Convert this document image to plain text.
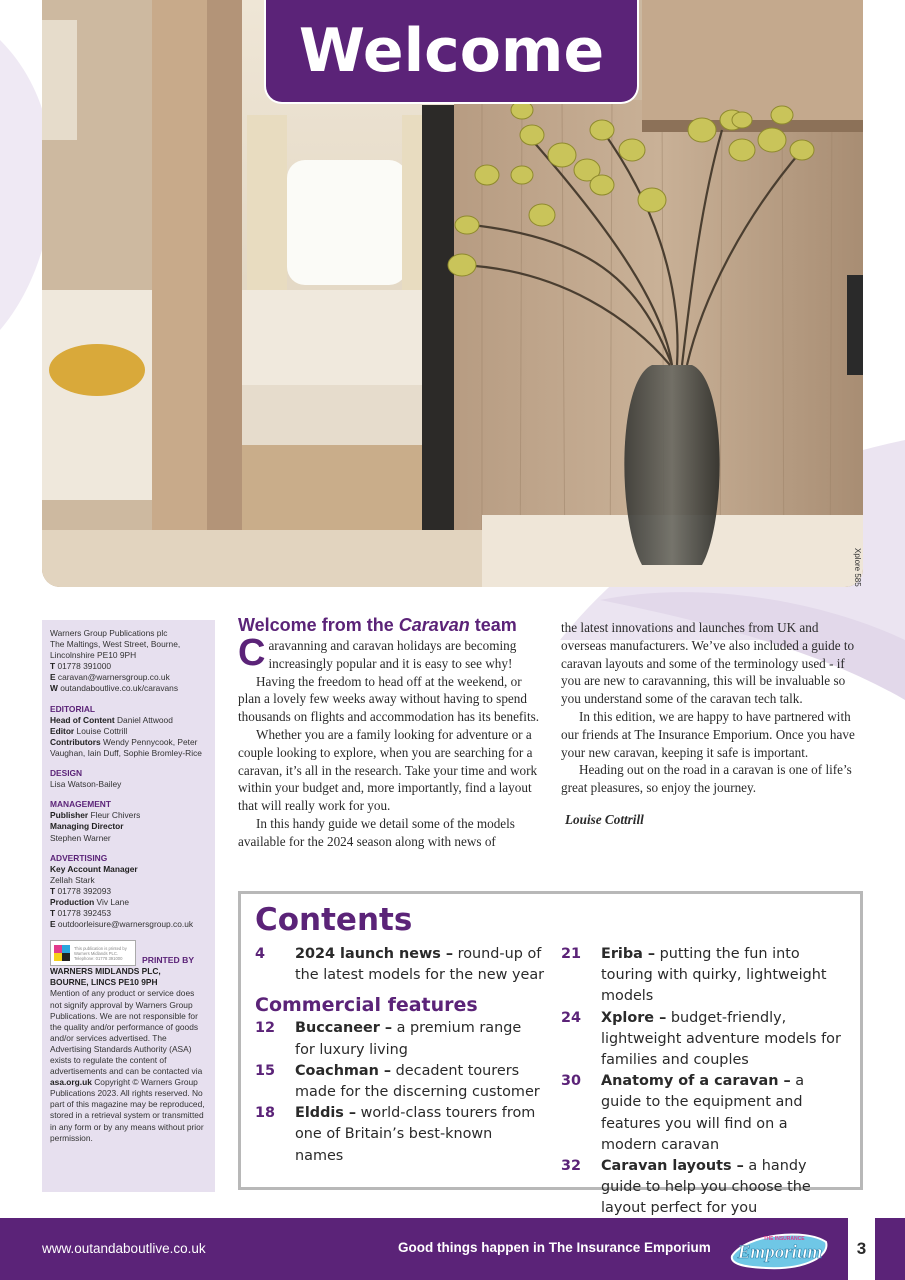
Xplore 585
Welcome

Warners Group Publications plc

The Maltings, West Street, Bourne,

Lincolnshire PE10 9PH

T 01778 391000

E caravan@warnersgroup.co.uk

W outandaboutlive.co.uk/caravans

EDITORIAL

Head of Content Daniel Attwood

Editor Louise Cottrill

Contributors Wendy Pennycook, Peter Vaughan, Iain Duff, Sophie Bromley-Rice

DESIGN

Lisa Watson-Bailey

MANAGEMENT

Publisher Fleur Chivers

Managing Director

Stephen Warner

ADVERTISING

Key Account Manager

Zellah Stark

T 01778 392093

Production Viv Lane

T 01778 392453

E outdoorleisure@warnersgroup.co.uk

This publication is printed by Warners Midlands PLC. Telephone: 01778 391000	PRINTED BY

WARNERS MIDLANDS PLC,

BOURNE, LINCS PE10 9PH

Mention of any product or service does not signify approval by Warners Group Publications. We are not responsible for the quality and/or performance of goods and/or services advertised. The Advertising Standards Authority (ASA) exists to regulate the content of advertisements and can be contacted via asa.org.uk Copyright © Warners Group Publications 2023. All rights reserved. No part of this magazine may be reproduced, stored in a retrieval system or transmitted in any form or by any means without prior permission.

Welcome from the Caravan team

Caravanning and caravan holidays are becoming increasingly popular and it is easy to see why!

Having the freedom to head off at the weekend, or plan a lovely few weeks away without having to spend thousands on flights and accommodation has its benefits.

Whether you are a family looking for adventure or a couple looking to explore, when you are searching for a caravan, it’s all in the research. Take your time and work within your budget and, more importantly, find a layout that will really work for you.

In this handy guide we detail some of the models available for the 2024 season along with news of

the latest innovations and launches from UK and overseas manufacturers. We’ve also included a guide to caravan layouts and some of the terminology used - if you are new to caravanning, this will be invaluable so you understand some of the caravan tech talk.

In this edition, we are happy to have partnered with our friends at The Insurance Emporium. Once you have your new caravan, keeping it safe is important.

Heading out on the road in a caravan is one of life’s great pleasures, so enjoy the journey.

Louise Cottrill

Contents
4	2024 launch news – round-up of the latest models for the new year
Commercial features
12	Buccaneer – a premium range for luxury living
15	Coachman – decadent tourers made for the discerning customer
18	Elddis – world-class tourers from one of Britain’s best-known names
21	Eriba – putting the fun into touring with quirky, lightweight models
24	Xplore – budget-friendly, lightweight adventure models for families and couples
30	Anatomy of a caravan – a guide to the equipment and features you will find on a modern caravan
32	Caravan layouts – a handy guide to help you choose the layout perfect for you
www.outandaboutlive.co.uk	Good things happen in The Insurance Emporium
THE INSURANCE
Emporium 3
